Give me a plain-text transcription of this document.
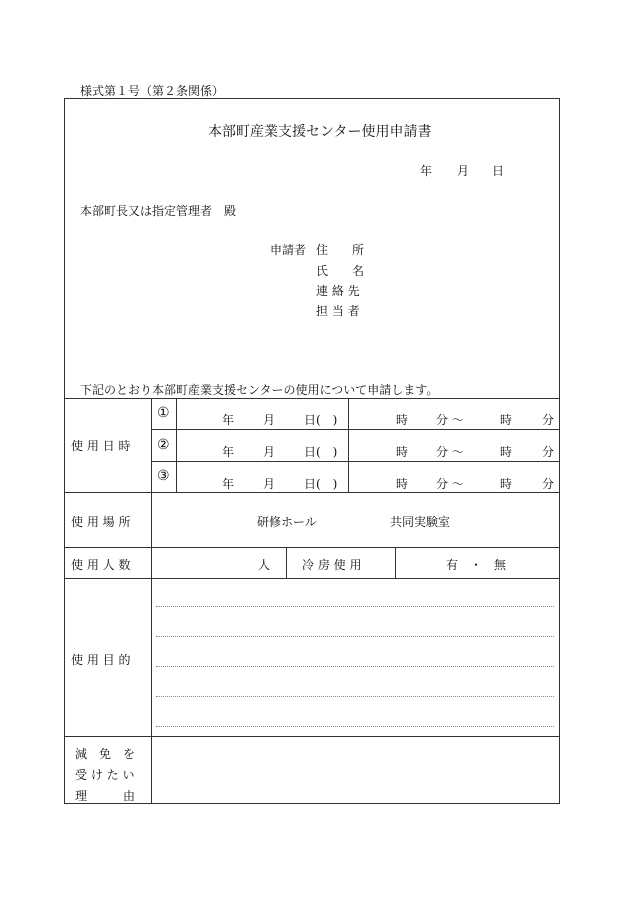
様式第１号（第２条関係）
本部町産業支援センター使用申請書
年 月 日
本部町長又は指定管理者　殿
申請者 住　　所
氏　　名
連 絡 先
担 当 者
下記のとおり本部町産業支援センターの使用について申請します。
使 用 日 時
①	年 月 日(　)	時 分 〜	時 分
②	年 月 日(　)	時 分 〜	時 分
③	年 月 日(　)	時 分 〜	時 分
使 用 場 所	研修ホール	共同実験室
使 用 人 数	人	冷 房 使 用	有　・　無
使 用 目 的
減　免　を
受 け た い
理　　　由
